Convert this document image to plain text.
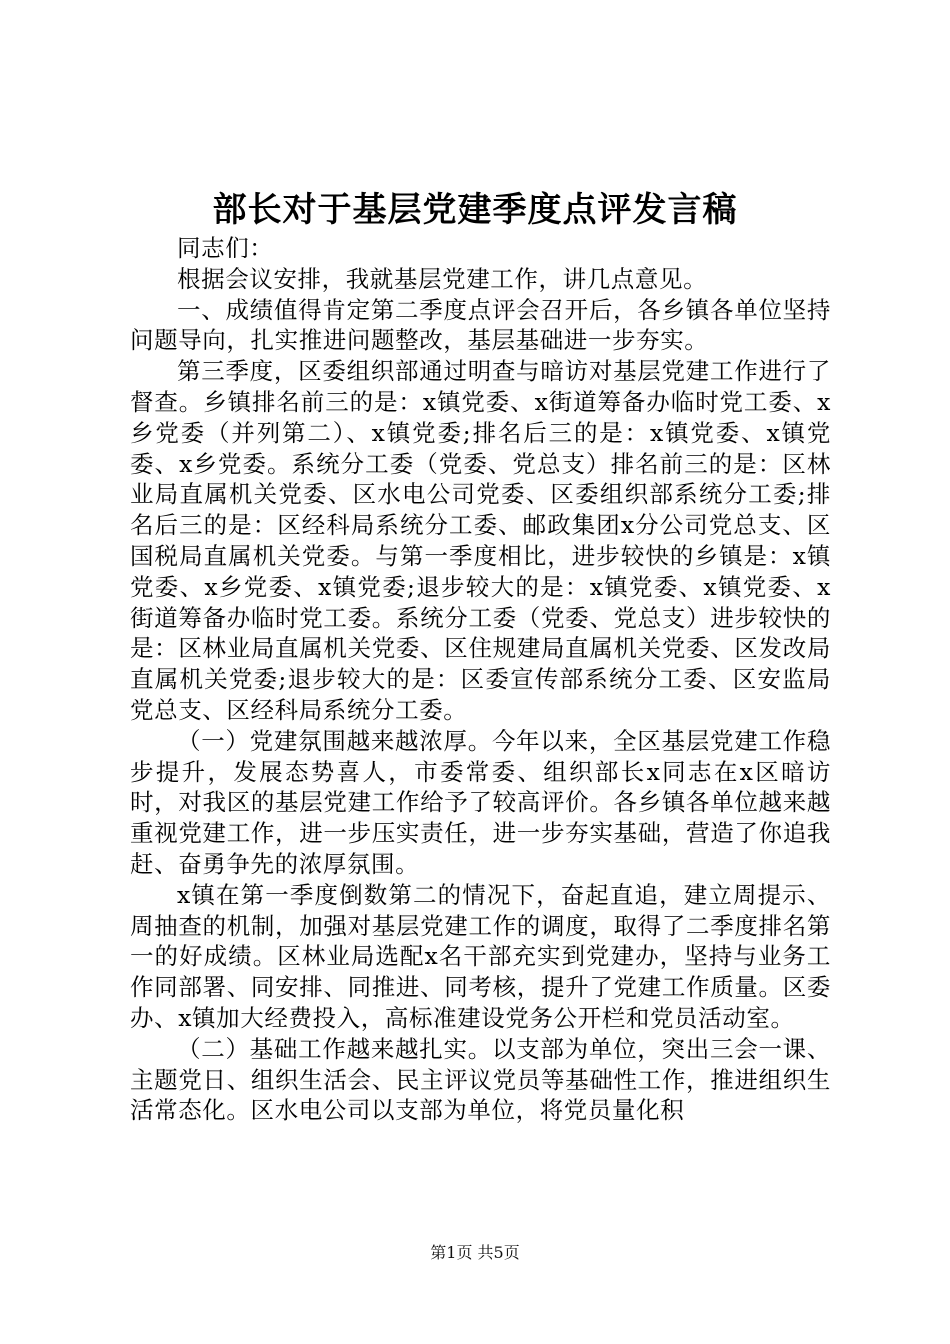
部长对于基层党建季度点评发言稿

同志们：

根据会议安排，我就基层党建工作，讲几点意见。

一、成绩值得肯定第二季度点评会召开后，各乡镇各单位坚持问题导向，扎实推进问题整改，基层基础进一步夯实。

第三季度，区委组织部通过明查与暗访对基层党建工作进行了督查。乡镇排名前三的是：x镇党委、x街道筹备办临时党工委、x乡党委（并列第二）、x镇党委;排名后三的是：x镇党委、x镇党委、x乡党委。系统分工委（党委、党总支）排名前三的是：区林业局直属机关党委、区水电公司党委、区委组织部系统分工委;排名后三的是：区经科局系统分工委、邮政集团x分公司党总支、区国税局直属机关党委。与第一季度相比，进步较快的乡镇是：x镇党委、x乡党委、x镇党委;退步较大的是：x镇党委、x镇党委、x街道筹备办临时党工委。系统分工委（党委、党总支）进步较快的是：区林业局直属机关党委、区住规建局直属机关党委、区发改局直属机关党委;退步较大的是：区委宣传部系统分工委、区安监局党总支、区经科局系统分工委。

（一）党建氛围越来越浓厚。今年以来，全区基层党建工作稳步提升，发展态势喜人，市委常委、组织部长x同志在x区暗访时，对我区的基层党建工作给予了较高评价。各乡镇各单位越来越重视党建工作，进一步压实责任，进一步夯实基础，营造了你追我赶、奋勇争先的浓厚氛围。

x镇在第一季度倒数第二的情况下，奋起直追，建立周提示、周抽查的机制，加强对基层党建工作的调度，取得了二季度排名第一的好成绩。区林业局选配x名干部充实到党建办，坚持与业务工作同部署、同安排、同推进、同考核，提升了党建工作质量。区委办、x镇加大经费投入，高标准建设党务公开栏和党员活动室。

（二）基础工作越来越扎实。以支部为单位，突出三会一课、主题党日、组织生活会、民主评议党员等基础性工作，推进组织生活常态化。区水电公司以支部为单位，将党员量化积

第1页 共5页
